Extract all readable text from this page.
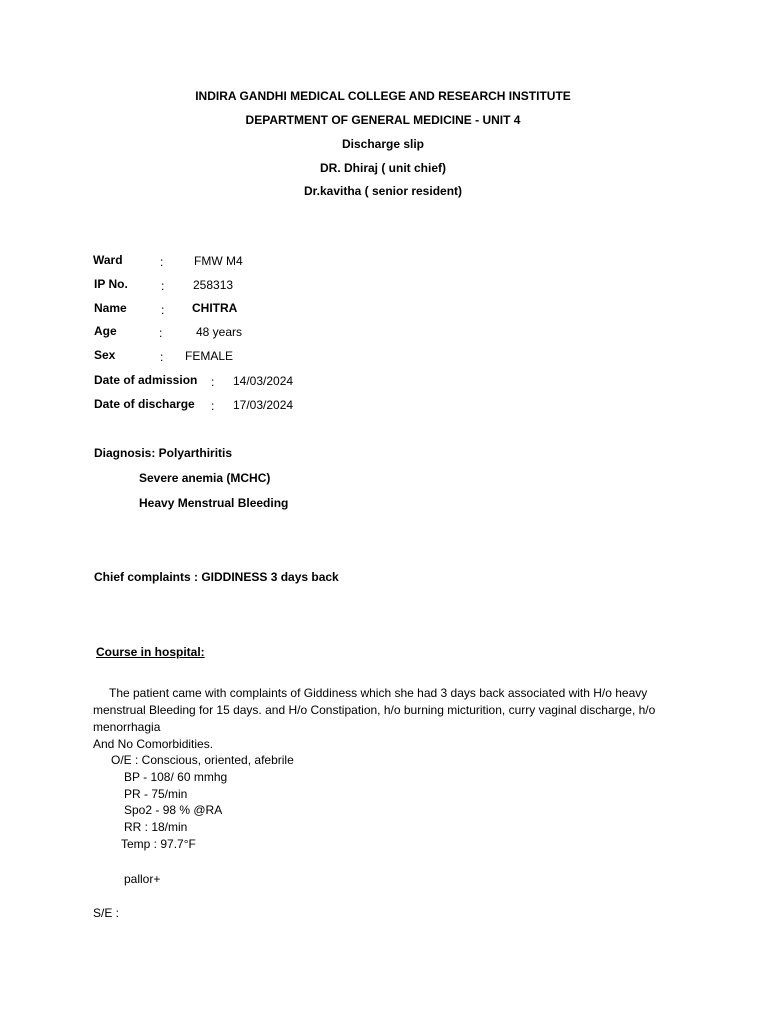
INDIRA GANDHI MEDICAL COLLEGE AND RESEARCH INSTITUTE
DEPARTMENT OF GENERAL MEDICINE - UNIT 4
Discharge slip
DR. Dhiraj ( unit chief)
Dr.kavitha ( senior resident)
Ward	:	FMW M4
IP No.	: 258313
Name	: CHITRA
Age	:	48 years
Sex	: FEMALE
Date of admission : 14/03/2024
Date of discharge : 17/03/2024
Diagnosis: Polyarthiritis
Severe anemia (MCHC)
Heavy Menstrual Bleeding
Chief complaints : GIDDINESS 3 days back
Course in hospital:
The patient came with complaints of Giddiness which she had 3 days back associated with H/o heavy menstrual Bleeding for 15 days. and H/o Constipation, h/o burning micturition, curry vaginal discharge, h/o menorrhagia
And No Comorbidities.
O/E : Conscious, oriented, afebrile
BP - 108/ 60 mmhg
PR - 75/min
Spo2 - 98 % @RA
RR : 18/min
Temp : 97.7°F
pallor+
S/E :
